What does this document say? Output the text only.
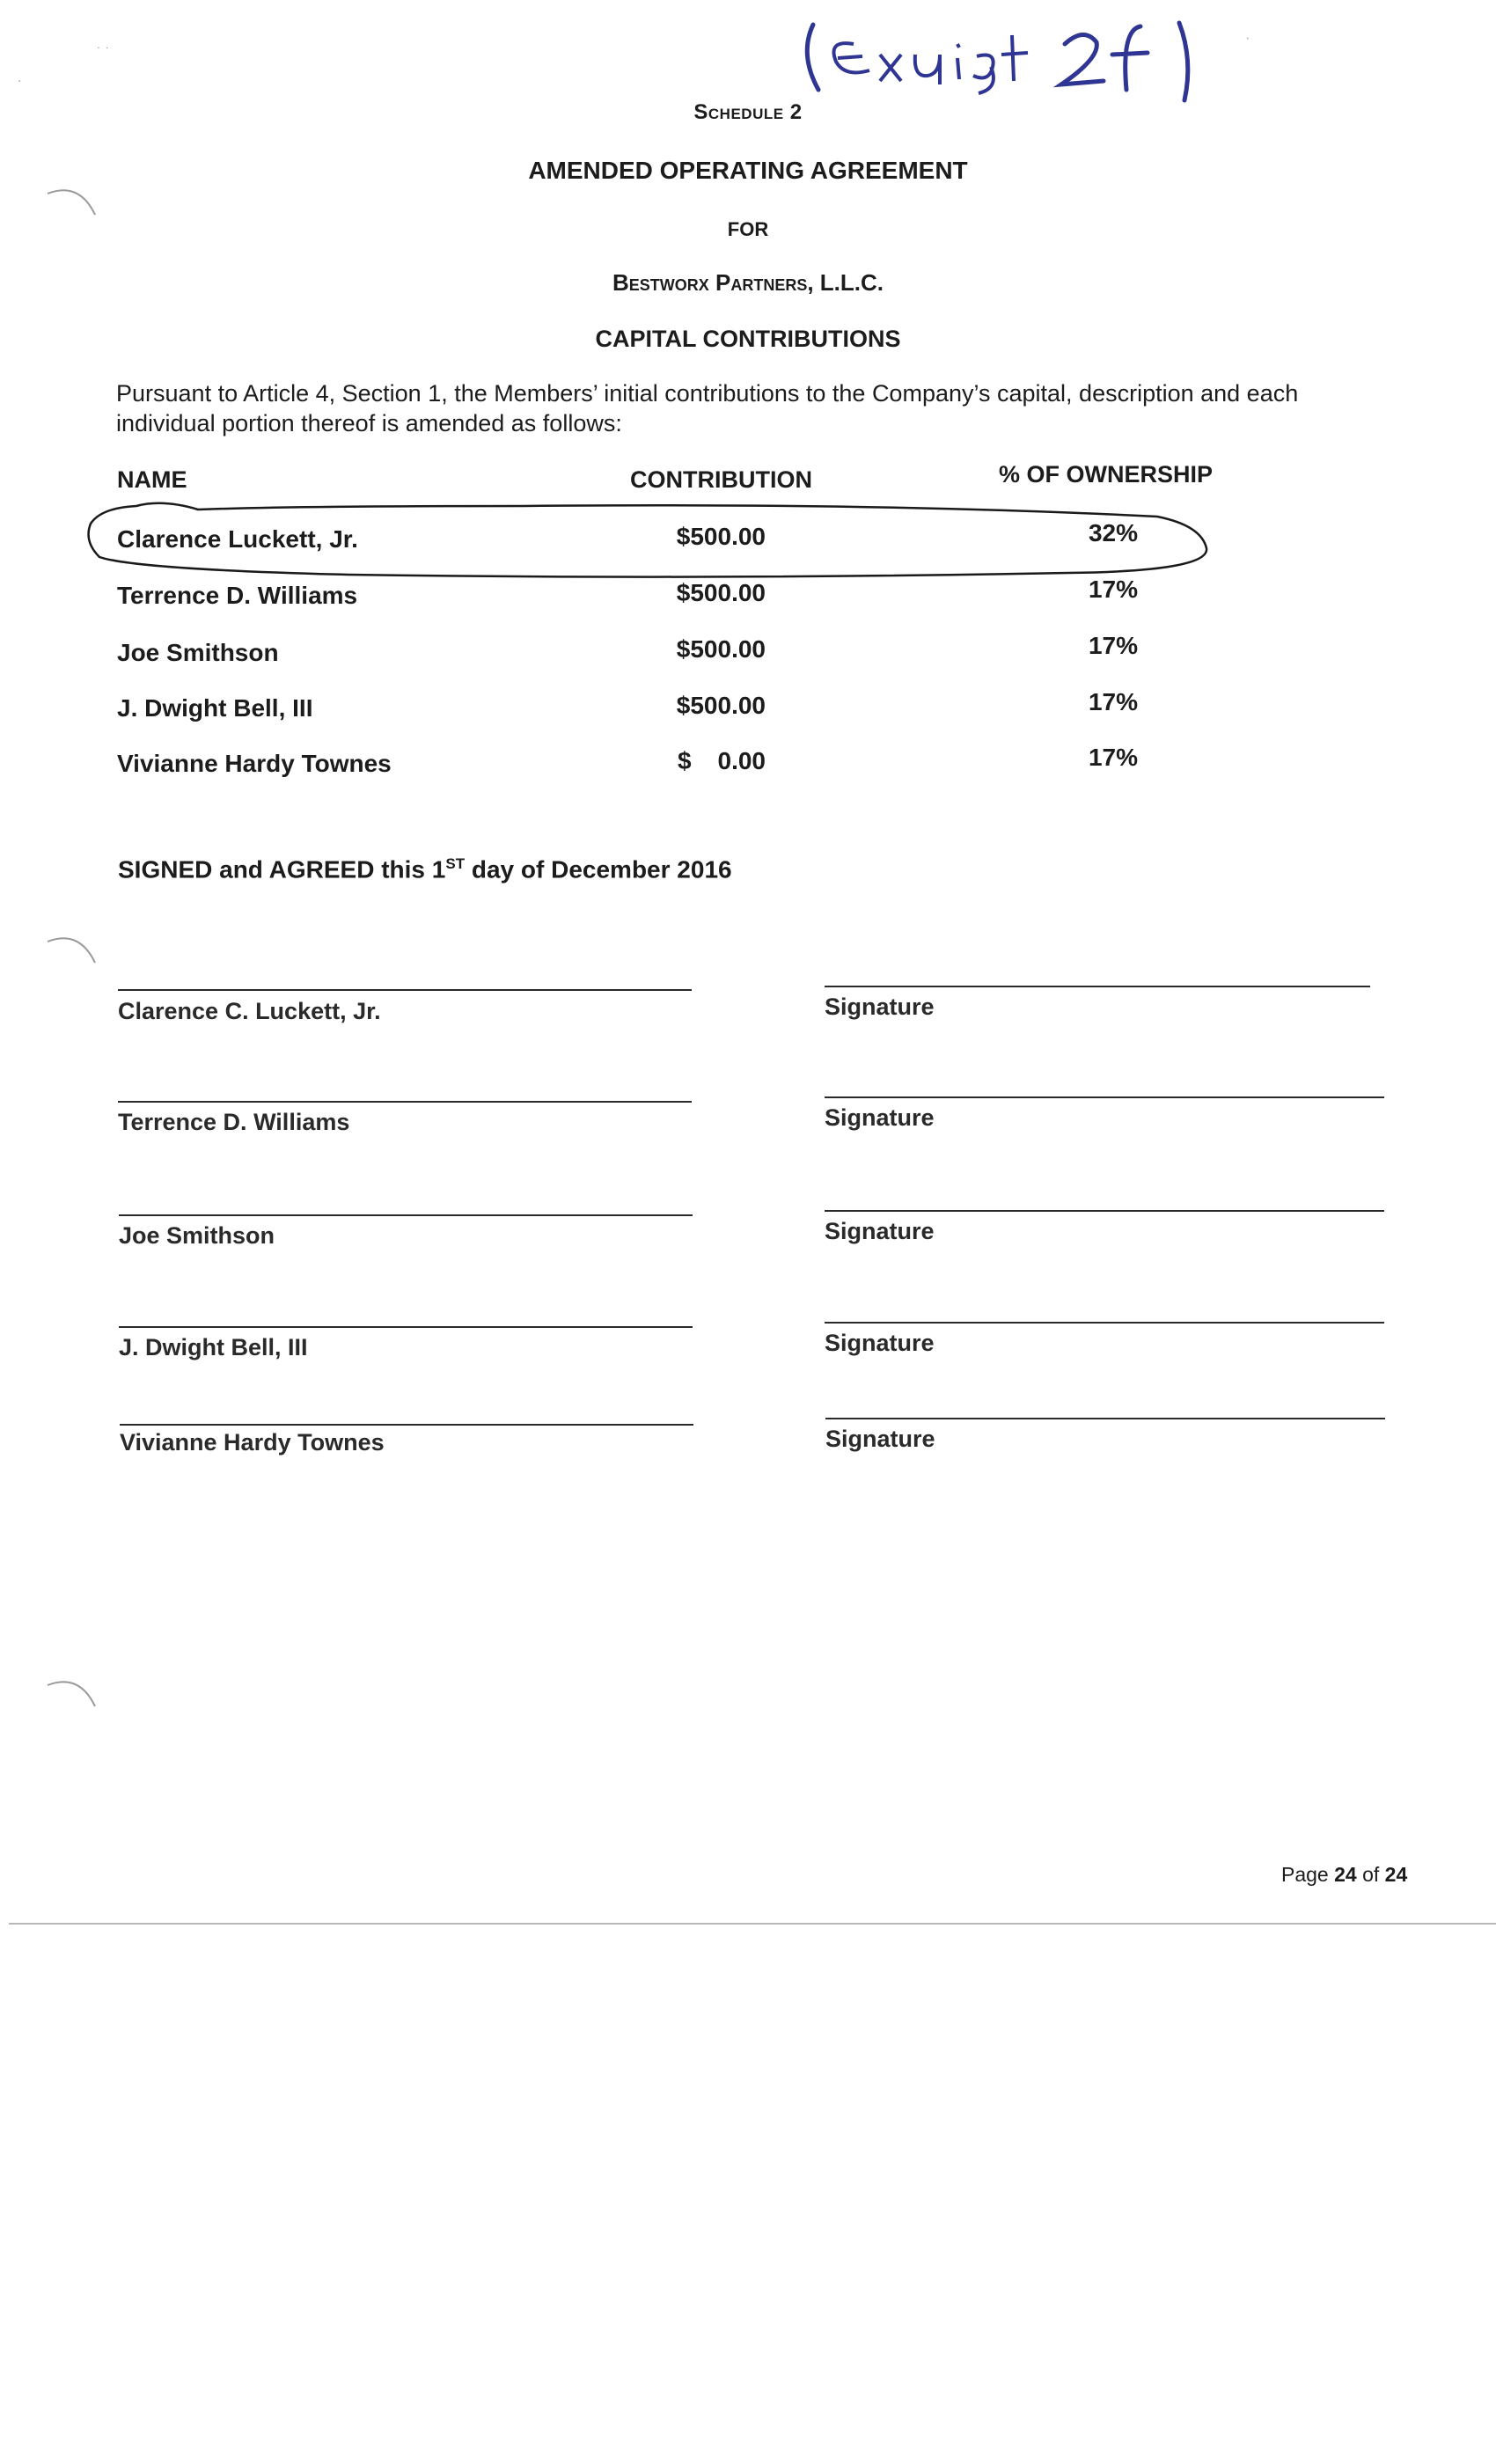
˙ ˙
.
·
Schedule 2
AMENDED OPERATING AGREEMENT
FOR
Bestworx Partners, L.L.C.
CAPITAL CONTRIBUTIONS
Pursuant to Article 4, Section 1, the Members’ initial contributions to the Company’s capital, description and each individual portion thereof is amended as follows:
NAME	CONTRIBUTION	% OF OWNERSHIP
Clarence Luckett, Jr.	$500.00	32%
Terrence D. Williams	$500.00	17%
Joe Smithson	$500.00	17%
J. Dwight Bell, III	$500.00	17%
Vivianne Hardy Townes	$ 0.00	17%
SIGNED and AGREED this 1ST day of December 2016
Clarence C. Luckett, Jr.	Signature
Terrence D. Williams	Signature
Joe Smithson	Signature
J. Dwight Bell, III	Signature
Vivianne Hardy Townes	Signature
Page 24 of 24
